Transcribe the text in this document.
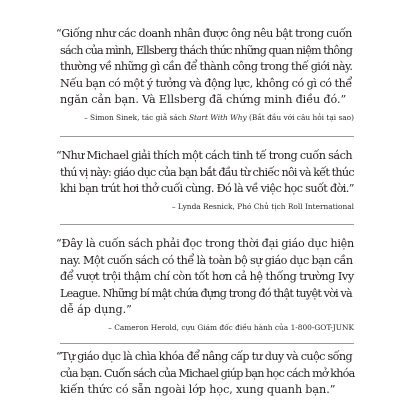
“Giống như các doanh nhân được ông nêu bật trong cuốn
sách của mình, Ellsberg thách thức những quan niệm thông
thường về những gì cần để thành công trong thế giới này.
Nếu bạn có một ý tưởng và động lực, không có gì có thể
ngăn cản bạn. Và Ellsberg đã chứng minh điều đó.”

– Simon Sinek, tác giả sách Start With Why (Bắt đầu với câu hỏi tại sao)

“Như Michael giải thích một cách tinh tế trong cuốn sách
thú vị này: giáo dục của bạn bắt đầu từ chiếc nôi và kết thúc
khi bạn trút hơi thở cuối cùng. Đó là về việc học suốt đời.”

– Lynda Resnick, Phó Chủ tịch Roll International

“Đây là cuốn sách phải đọc trong thời đại giáo dục hiện
nay. Một cuốn sách có thể là toàn bộ sự giáo dục bạn cần
để vượt trội thậm chí còn tốt hơn cả hệ thống trường Ivy
League. Những bí mật chứa đựng trong đó thật tuyệt vời và
dễ áp dụng.”

– Cameron Herold, cựu Giám đốc điều hành của 1-800-GOT-JUNK

“Tự giáo dục là chìa khóa để nâng cấp tư duy và cuộc sống
của bạn. Cuốn sách của Michael giúp bạn học cách mở khóa
kiến thức có sẵn ngoài lớp học, xung quanh bạn.”
